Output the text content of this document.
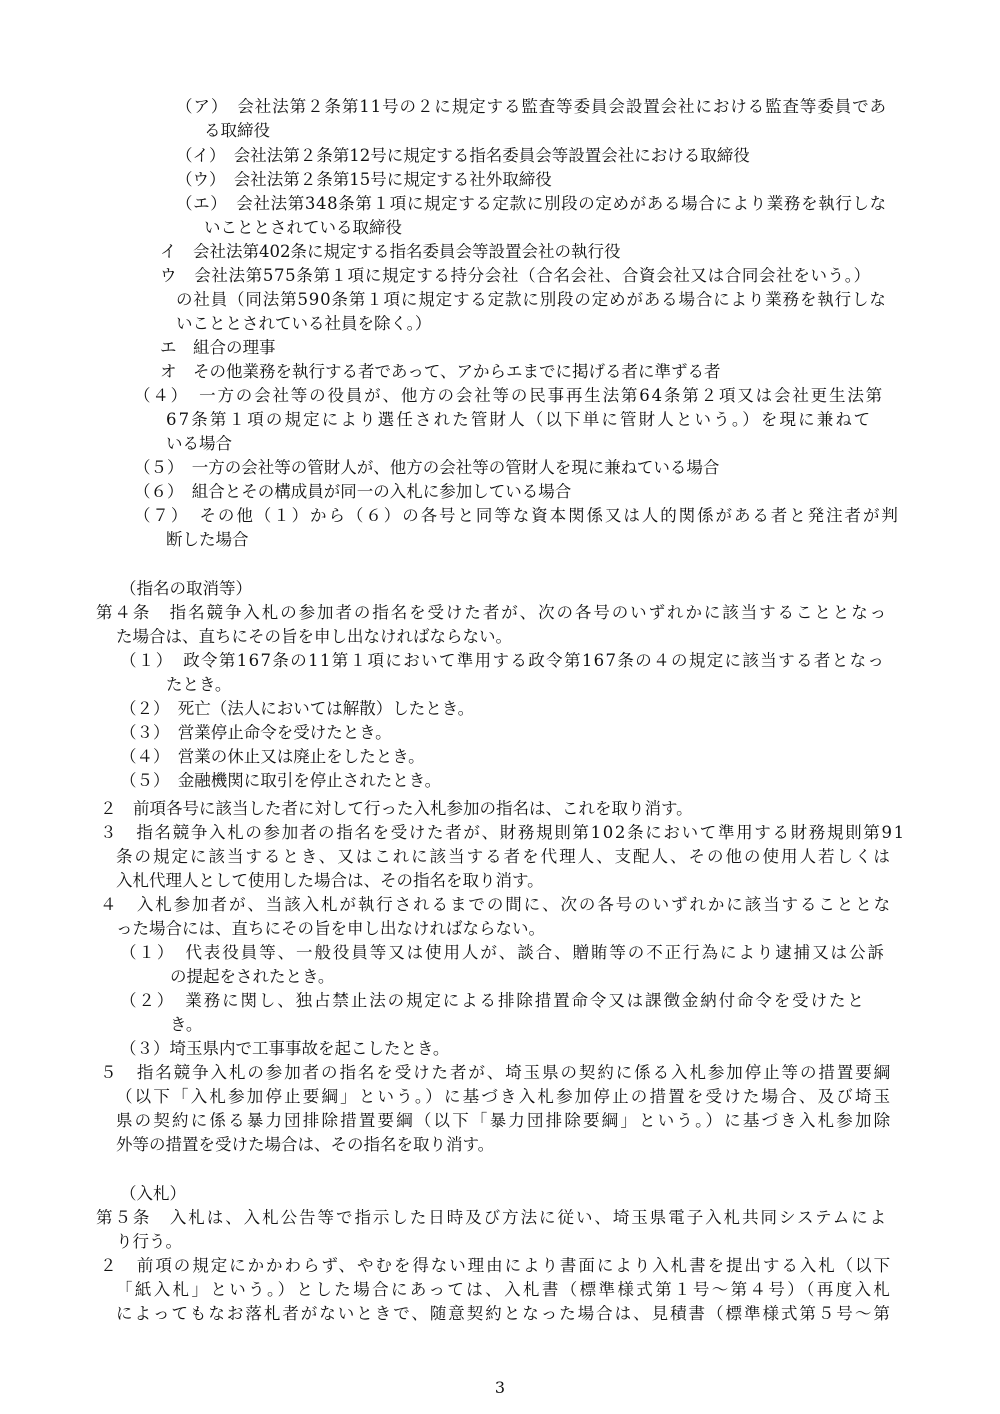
（ア）　会社法第２条第11号の２に規定する監査等委員会設置会社における監査等委員であ
る取締役
（イ）　会社法第２条第12号に規定する指名委員会等設置会社における取締役
（ウ）　会社法第２条第15号に規定する社外取締役
（エ）　会社法第348条第１項に規定する定款に別段の定めがある場合により業務を執行しな
いこととされている取締役
イ　会社法第402条に規定する指名委員会等設置会社の執行役
ウ　会社法第575条第１項に規定する持分会社（合名会社、合資会社又は合同会社をいう。）
の社員（同法第590条第１項に規定する定款に別段の定めがある場合により業務を執行しな
いこととされている社員を除く。）
エ　組合の理事
オ　その他業務を執行する者であって、アからエまでに掲げる者に準ずる者
（４）　一方の会社等の役員が、他方の会社等の民事再生法第64条第２項又は会社更生法第
67条第１項の規定により選任された管財人（以下単に管財人という。）を現に兼ねて
いる場合
（５）　一方の会社等の管財人が、他方の会社等の管財人を現に兼ねている場合
（６）　組合とその構成員が同一の入札に参加している場合
（７）　その他（１）から（６）の各号と同等な資本関係又は人的関係がある者と発注者が判
断した場合
（指名の取消等）
第４条　指名競争入札の参加者の指名を受けた者が、次の各号のいずれかに該当することとなっ
た場合は、直ちにその旨を申し出なければならない。
（１）　政令第167条の11第１項において準用する政令第167条の４の規定に該当する者となっ
たとき。
（２）　死亡（法人においては解散）したとき。
（３）　営業停止命令を受けたとき。
（４）　営業の休止又は廃止をしたとき。
（５）　金融機関に取引を停止されたとき。
２　前項各号に該当した者に対して行った入札参加の指名は、これを取り消す。
３　指名競争入札の参加者の指名を受けた者が、財務規則第102条において準用する財務規則第91
条の規定に該当するとき、又はこれに該当する者を代理人、支配人、その他の使用人若しくは
入札代理人として使用した場合は、その指名を取り消す。
４　入札参加者が、当該入札が執行されるまでの間に、次の各号のいずれかに該当することとな
った場合には、直ちにその旨を申し出なければならない。
（１）　代表役員等、一般役員等又は使用人が、談合、贈賄等の不正行為により逮捕又は公訴
の提起をされたとき。
（２）　業務に関し、独占禁止法の規定による排除措置命令又は課徴金納付命令を受けたと
き。
（３）埼玉県内で工事事故を起こしたとき。
５　指名競争入札の参加者の指名を受けた者が、埼玉県の契約に係る入札参加停止等の措置要綱
（以下「入札参加停止要綱」という。）に基づき入札参加停止の措置を受けた場合、及び埼玉
県の契約に係る暴力団排除措置要綱（以下「暴力団排除要綱」という。）に基づき入札参加除
外等の措置を受けた場合は、その指名を取り消す。
（入札）
第５条　入札は、入札公告等で指示した日時及び方法に従い、埼玉県電子入札共同システムによ
り行う。
２　前項の規定にかかわらず、やむを得ない理由により書面により入札書を提出する入札（以下
「紙入札」という。）とした場合にあっては、入札書（標準様式第１号～第４号）（再度入札
によってもなお落札者がないときで、随意契約となった場合は、見積書（標準様式第５号～第
3
